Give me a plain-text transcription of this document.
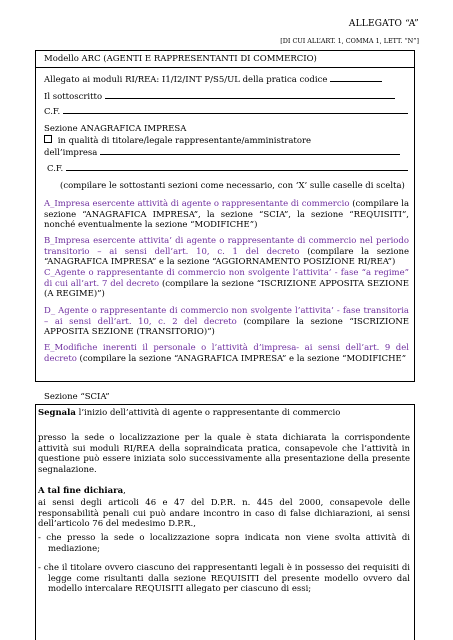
ALLEGATO “A”
[DI CUI ALL’ART. 1, COMMA 1, LETT. “N”]
Modello ARC (AGENTI E RAPPRESENTANTI DI COMMERCIO)
Allegato ai moduli RI/REA: I1/I2/INT P/S5/UL della pratica codice
Il sottoscritto
C.F.
Sezione ANAGRAFICA IMPRESA
in qualità di titolare/legale rappresentante/amministratore
dell’impresa
C.F.
(compilare le sottostanti sezioni come necessario, con ‘X’ sulle caselle di scelta)
A_Impresa esercente attività di agente o rappresentante di commercio (compilare la sezione “ANAGRAFICA IMPRESA”, la sezione “SCIA”, la sezione “REQUISITI”, nonché eventualmente la sezione “MODIFICHE”)
B_Impresa esercente attivita’ di agente o rappresentante di commercio nel periodo transitorio – ai sensi dell’art. 10, c. 1 del decreto (compilare la sezione “ANAGRAFICA IMPRESA” e la sezione “AGGIORNAMENTO POSIZIONE RI/REA”)
C_Agente o rappresentante di commercio non svolgente l’attivita’ - fase “a regime” di cui all’art. 7 del decreto (compilare la sezione “ISCRIZIONE APPOSITA SEZIONE (A REGIME)”)
D_ Agente o rappresentante di commercio non svolgente l’attivita’ - fase transitoria – ai sensi dell’art. 10, c. 2 del decreto (compilare la sezione “ISCRIZIONE APPOSITA SEZIONE (TRANSITORIO)”)
E_Modifiche inerenti il personale o l’attività d’impresa- ai sensi dell’art. 9 del decreto (compilare la sezione “ANAGRAFICA IMPRESA” e la sezione “MODIFICHE”
Sezione “SCIA”
Segnala l’inizio dell’attività di agente o rappresentante di commercio
presso la sede o localizzazione per la quale è stata dichiarata la corrispondente attività sui moduli RI/REA della sopraindicata pratica, consapevole che l’attività in questione può essere iniziata solo successivamente alla presentazione della presente segnalazione.
A tal fine dichiara,
ai sensi degli articoli 46 e 47 del D.P.R. n. 445 del 2000, consapevole delle responsabilità penali cui può andare incontro in caso di false dichiarazioni, ai sensi dell’articolo 76 del medesimo D.P.R.,
- che presso la sede o localizzazione sopra indicata non viene svolta attività di mediazione;
- che il titolare ovvero ciascuno dei rappresentanti legali è in possesso dei requisiti di legge come risultanti dalla sezione REQUISITI del presente modello ovvero dal modello intercalare REQUISITI allegato per ciascuno di essi;
